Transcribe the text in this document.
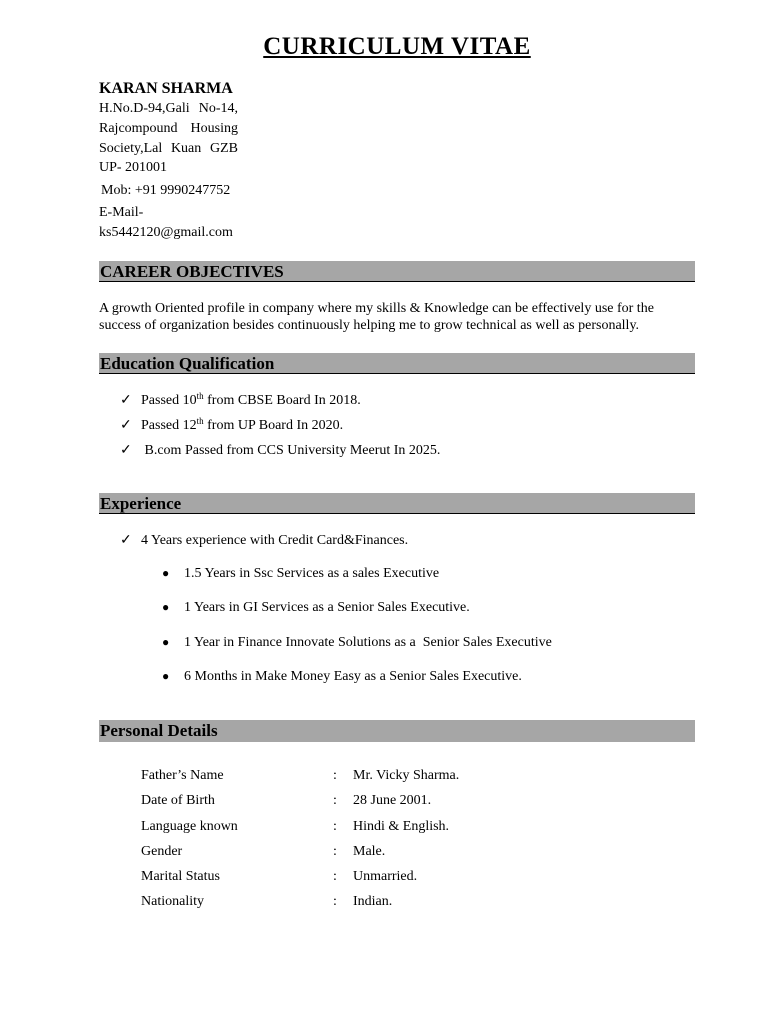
CURRICULUM VITAE
KARAN SHARMA
H.No.D-94,Gali No-14,
Rajcompound Housing
Society,Lal Kuan GZB
UP- 201001
Mob: +91 9990247752
E-Mail-
ks5442120@gmail.com
CAREER OBJECTIVES
A growth Oriented profile in company where my skills & Knowledge can be effectively use for the success of organization besides continuously helping me to grow technical as well as personally.
Education Qualification
✓ Passed 10th from CBSE Board In 2018.
✓ Passed 12th from UP Board In 2020.
✓ B.com Passed from CCS University Meerut In 2025.
Experience
✓ 4 Years experience with Credit Card&Finances.
● 1.5 Years in Ssc Services as a sales Executive
● 1 Years in GI Services as a Senior Sales Executive.
● 1 Year in Finance Innovate Solutions as a  Senior Sales Executive
● 6 Months in Make Money Easy as a Senior Sales Executive.
Personal Details
Father’s Name	: Mr. Vicky Sharma.
Date of Birth	: 28 June 2001.
Language known	: Hindi & English.
Gender	: Male.
Marital Status	: Unmarried.
Nationality	: Indian.
